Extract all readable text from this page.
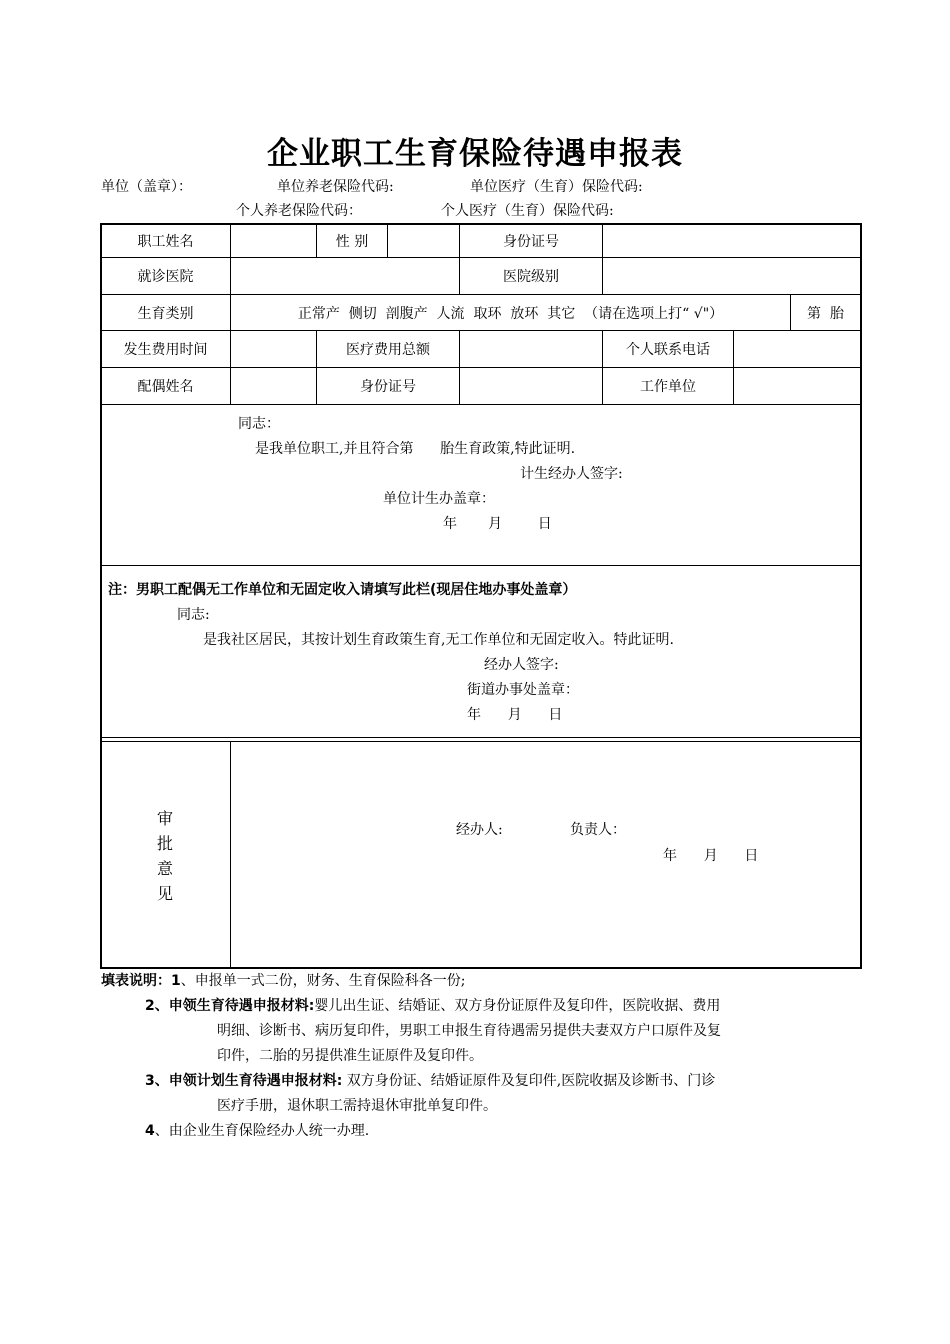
企业职工生育保险待遇申报表
单位（盖章）：	单位养老保险代码:	单位医疗（生育）保险代码:
个人养老保险代码：	个人医疗（生育）保险代码:
职工姓名	性 别	身份证号
就诊医院	医院级别
生育类别	正常产  侧切  剖腹产  人流  取环  放环  其它  （请在选项上打“ √"）	第  胎
发生费用时间	医疗费用总额	个人联系电话
配偶姓名	身份证号	工作单位
同志：
是我单位职工,并且符合第      胎生育政策,特此证明.
计生经办人签字:
单位计生办盖章：
年       月        日
注：男职工配偶无工作单位和无固定收入请填写此栏(现居住地办事处盖章）
同志:
是我社区居民，其按计划生育政策生育,无工作单位和无固定收入。特此证明.
经办人签字:
街道办事处盖章：
年      月      日
审
批
意
见
经办人:	负责人：
年      月      日
填表说明：1、申报单一式二份，财务、生育保险科各一份;
2、申领生育待遇申报材料:婴儿出生证、结婚证、双方身份证原件及复印件，医院收据、费用
明细、诊断书、病历复印件，男职工申报生育待遇需另提供夫妻双方户口原件及复
印件，二胎的另提供准生证原件及复印件。
3、申领计划生育待遇申报材料: 双方身份证、结婚证原件及复印件,医院收据及诊断书、门诊
医疗手册，退休职工需持退休审批单复印件。
4、由企业生育保险经办人统一办理.
